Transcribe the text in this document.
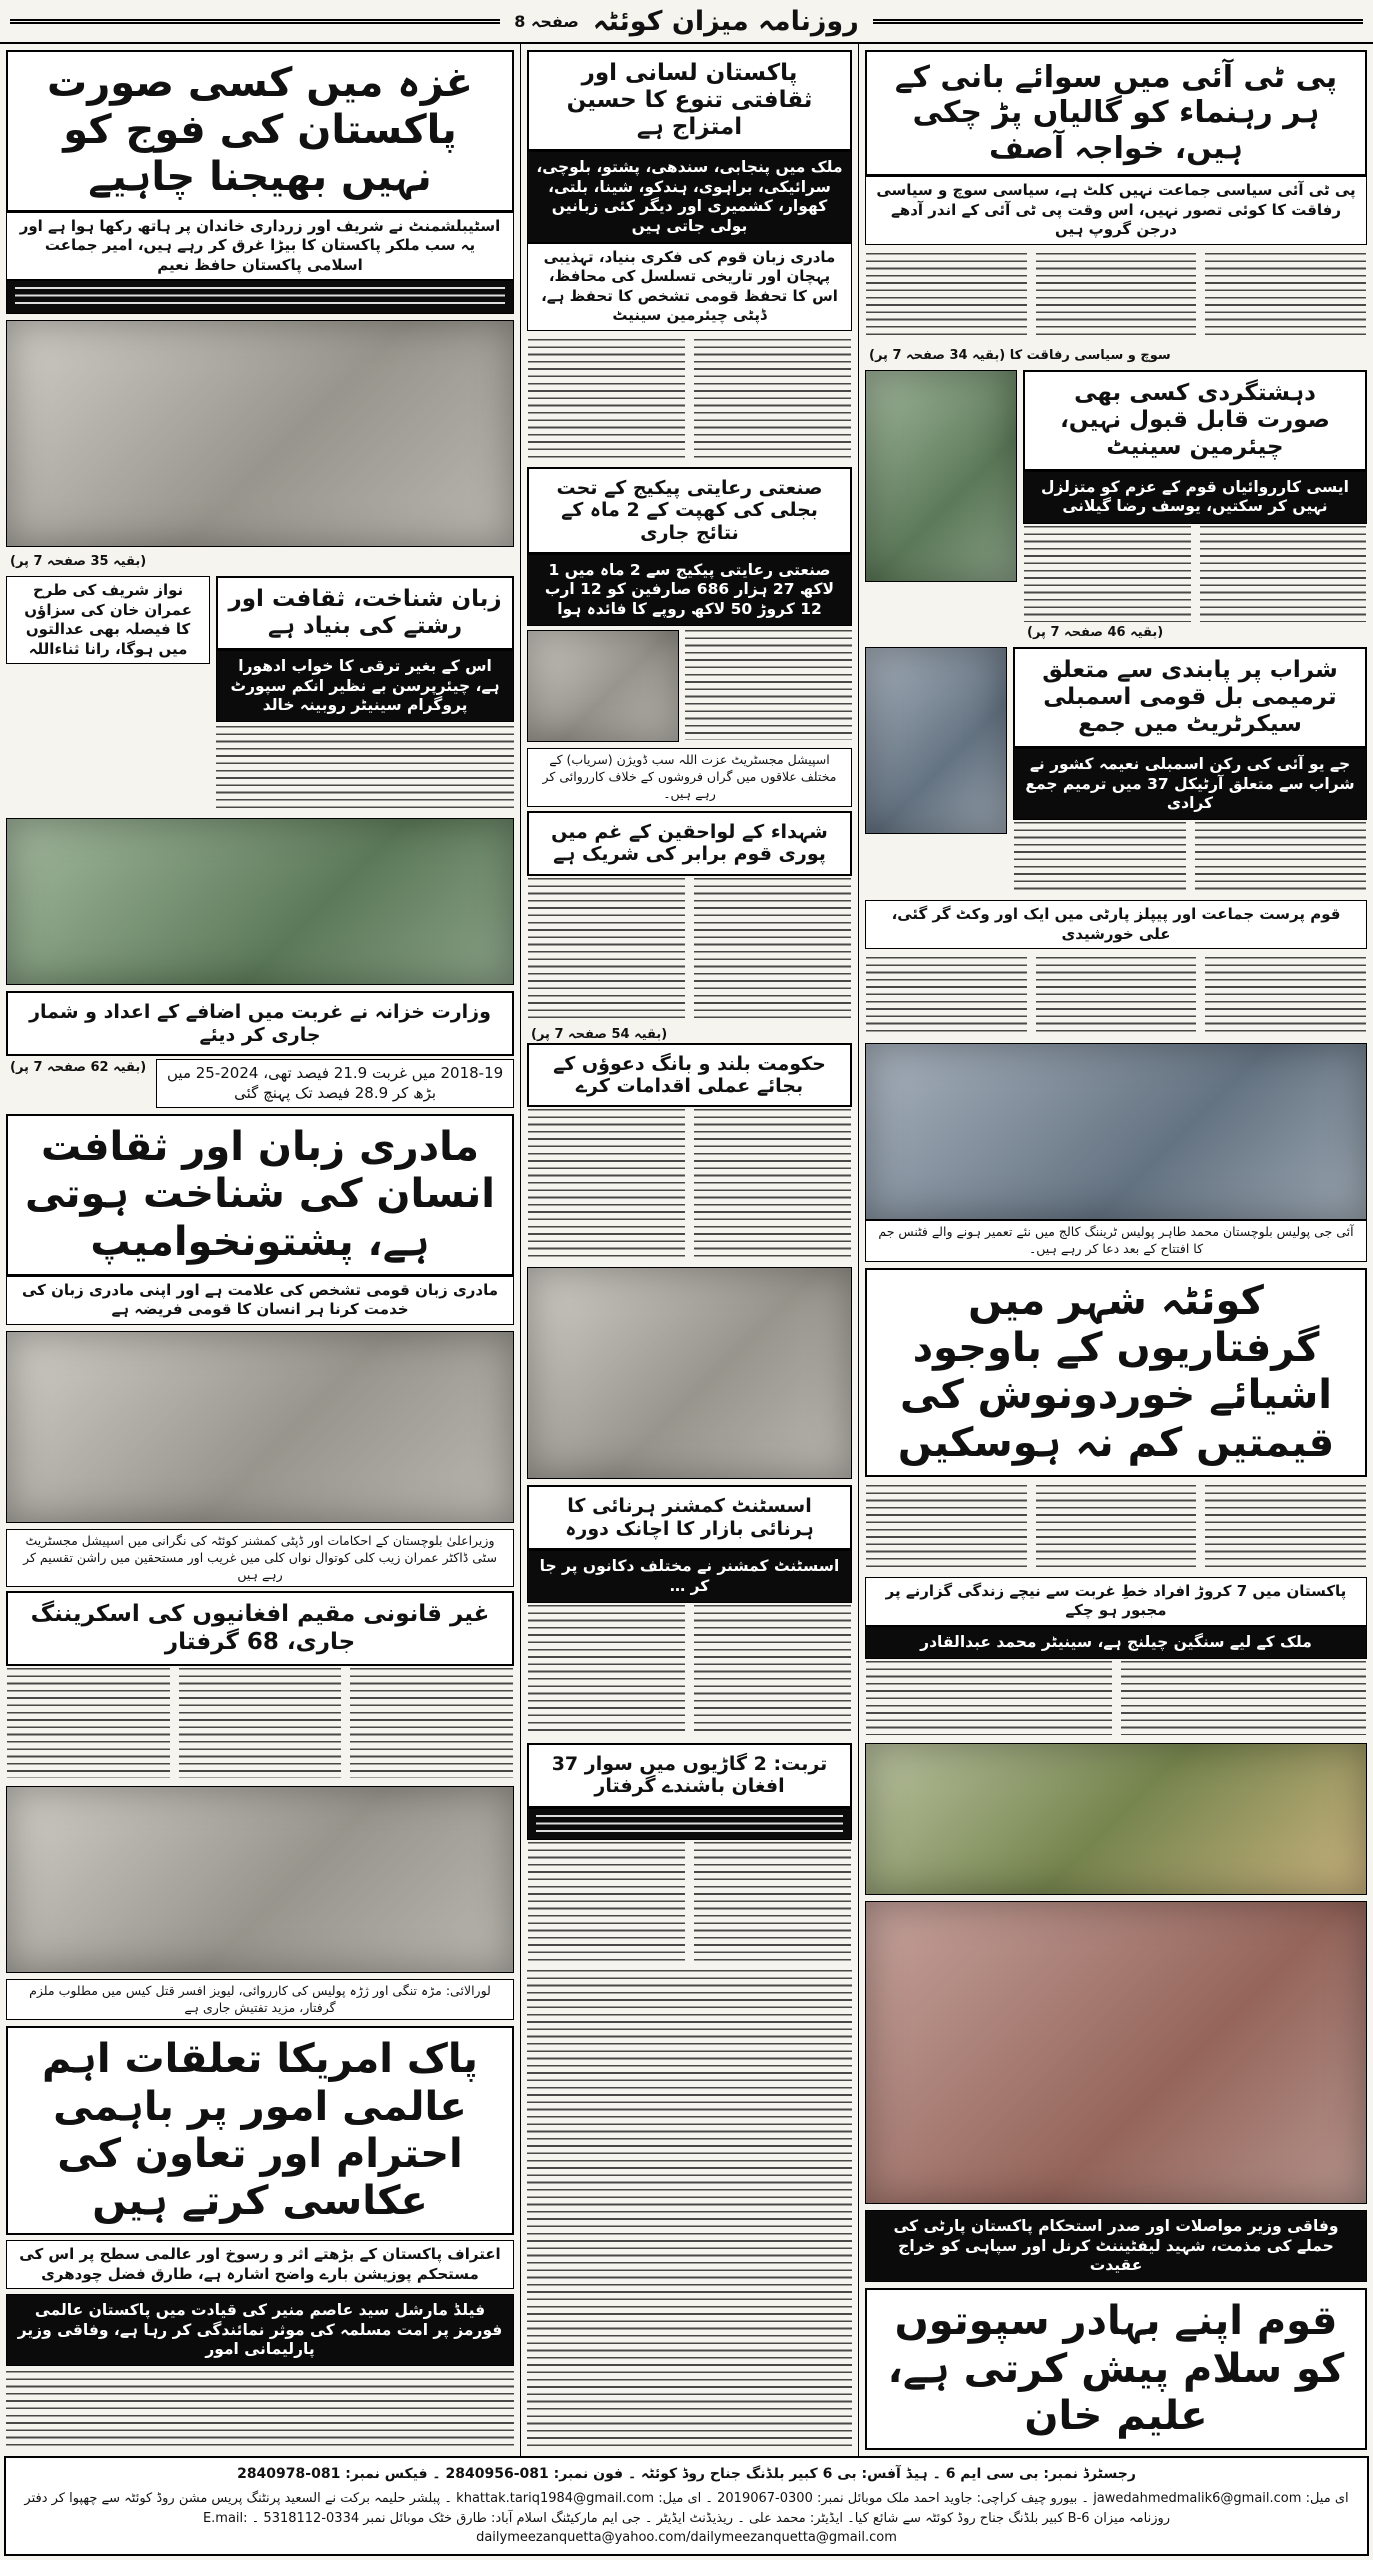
روزنامہ میزان کوئٹہ
صفحہ 8
پی ٹی آئی میں سوائے بانی کے ہر رہنماء کو گالیاں پڑ چکی ہیں، خواجہ آصف
پی ٹی آئی سیاسی جماعت نہیں کلٹ ہے، سیاسی سوچ و سیاسی رفاقت کا کوئی تصور نہیں، اس وقت پی ٹی آئی کے اندر آدھے درجن گروپ ہیں
سوچ و سیاسی رفاقت کا (بقیہ 34 صفحہ 7 پر)
دہشتگردی کسی بھی صورت قابل قبول نہیں، چیئرمین سینیٹ
ایسی کارروائیاں قوم کے عزم کو متزلزل نہیں کر سکتیں، یوسف رضا گیلانی
(بقیہ 46 صفحہ 7 پر)
شراب پر پابندی سے متعلق ترمیمی بل قومی اسمبلی سیکرٹریٹ میں جمع
جے یو آئی کی رکن اسمبلی نعیمہ کشور نے شراب سے متعلق آرٹیکل 37 میں ترمیم جمع کرادی
قوم پرست جماعت اور پیپلز پارٹی میں ایک اور وکٹ گر گئی، علی خورشیدی
آئی جی پولیس بلوچستان محمد طاہر پولیس ٹریننگ کالج میں نئے تعمیر ہونے والے فٹنس جم کا افتتاح کے بعد دعا کر رہے ہیں۔
کوئٹہ شہر میں گرفتاریوں کے باوجود اشیائے خوردونوش کی قیمتیں کم نہ ہوسکیں
پاکستان میں 7 کروڑ افراد خطِ غربت سے نیچے زندگی گزارنے پر مجبور ہو چکے
ملک کے لیے سنگین چیلنج ہے، سینیٹر محمد عبدالقادر
وفاقی وزیر مواصلات اور صدر استحکام پاکستان پارٹی کی حملے کی مذمت، شہید لیفٹیننٹ کرنل اور سپاہی کو خراج عقیدت
قوم اپنے بہادر سپوتوں کو سلام پیش کرتی ہے، علیم خان
پاکستان لسانی اور ثقافتی تنوع کا حسین امتزاج ہے
ملک میں پنجابی، سندھی، پشتو، بلوچی، سرائیکی، براہوی، ہندکو، شینا، بلتی، کھوار، کشمیری اور دیگر کئی زبانیں بولی جاتی ہیں
مادری زبان قوم کی فکری بنیاد، تہذیبی پہچان اور تاریخی تسلسل کی محافظ، اس کا تحفظ قومی تشخص کا تحفظ ہے، ڈپٹی چیئرمین سینیٹ
صنعتی رعایتی پیکیج کے تحت بجلی کی کھپت کے 2 ماہ کے نتائج جاری
صنعتی رعایتی پیکیج سے 2 ماہ میں 1 لاکھ 27 ہزار 686 صارفین کو 12 ارب 12 کروڑ 50 لاکھ روپے کا فائدہ ہوا
اسپیشل مجسٹریٹ عزت اللہ سب ڈویژن (سریاب) کے مختلف علاقوں میں گراں فروشوں کے خلاف کارروائی کر رہے ہیں۔
شہداء کے لواحقین کے غم میں پوری قوم برابر کی شریک ہے
(بقیہ 54 صفحہ 7 پر)
حکومت بلند و بانگ دعوؤں کے بجائے عملی اقدامات کرے
اسسٹنٹ کمشنر ہرنائی کا ہرنائی بازار کا اچانک دورہ
اسسٹنٹ کمشنر نے مختلف دکانوں پر جا کر …
تربت: 2 گاڑیوں میں سوار 37 افغان باشندے گرفتار
غزہ میں کسی صورت پاکستان کی فوج کو نہیں بھیجنا چاہیے
اسٹیبلشمنٹ نے شریف اور زرداری خاندان پر ہاتھ رکھا ہوا ہے اور یہ سب ملکر پاکستان کا بیڑا غرق کر رہے ہیں، امیر جماعت اسلامی پاکستان حافظ نعیم
(بقیہ 35 صفحہ 7 پر)
زبان شناخت، ثقافت اور رشتے کی بنیاد ہے
اس کے بغیر ترقی کا خواب ادھورا ہے، چیئرپرسن بے نظیر انکم سپورٹ پروگرام سینیٹر روبینہ خالد
نواز شریف کی طرح عمران خان کی سزاؤں کا فیصلہ بھی عدالتوں میں ہوگا، رانا ثناءاللہ
وزارت خزانہ نے غربت میں اضافے کے اعداد و شمار جاری کر دیئے
2018-19 میں غربت 21.9 فیصد تھی، 2024-25 میں بڑھ کر 28.9 فیصد تک پہنچ گئی
(بقیہ 62 صفحہ 7 پر)
مادری زبان اور ثقافت انسان کی شناخت ہوتی ہے، پشتونخوامیپ
مادری زبان قومی تشخص کی علامت ہے اور اپنی مادری زبان کی خدمت کرنا ہر انسان کا قومی فریضہ ہے
وزیراعلیٰ بلوچستان کے احکامات اور ڈپٹی کمشنر کوئٹہ کی نگرانی میں اسپیشل مجسٹریٹ سٹی ڈاکٹر عمران زیب کلی کوتوال نواں کلی میں غریب اور مستحقین میں راشن تقسیم کر رہے ہیں
غیر قانونی مقیم افغانیوں کی اسکریننگ جاری، 68 گرفتار
لورالائی: مڑہ تنگی اور ژڑہ پولیس کی کارروائی، لیویز افسر قتل کیس میں مطلوب ملزم گرفتار، مزید تفتیش جاری ہے
پاک امریکا تعلقات اہم عالمی امور پر باہمی احترام اور تعاون کی عکاسی کرتے ہیں
اعتراف پاکستان کے بڑھتے اثر و رسوخ اور عالمی سطح پر اس کی مستحکم پوزیشن بارے واضح اشارہ ہے، طارق فضل چودھری
فیلڈ مارشل سید عاصم منیر کی قیادت میں پاکستان عالمی فورمز پر امت مسلمہ کی موثر نمائندگی کر رہا ہے، وفاقی وزیر پارلیمانی امور
رجسٹرڈ نمبر: بی سی ایم 6 ۔ ہیڈ آفس: بی 6 کبیر بلڈنگ جناح روڈ کوئٹہ ۔ فون نمبر: 081-2840956 ۔ فیکس نمبر: 081-2840978
ای میل: jawedahmedmalik6@gmail.com ۔ بیورو چیف کراچی: جاوید احمد ملک موبائل نمبر: 0300-2019067 ۔ ای میل: khattak.tariq1984@gmail.com ۔ پبلشر حلیمہ برکت نے السعید پرنٹنگ پریس مشن روڈ کوئٹہ سے چھپوا کر دفتر روزنامہ میزان B-6 کبیر بلڈنگ جناح روڈ کوئٹہ سے شائع کیا۔ ایڈیٹر: محمد علی ۔ ریذیڈنٹ ایڈیٹر ۔ جی ایم مارکیٹنگ اسلام آباد: طارق خٹک موبائل نمبر 0334-5318112 ۔ E.mail: dailymeezanquetta@yahoo.com/dailymeezanquetta@gmail.com
